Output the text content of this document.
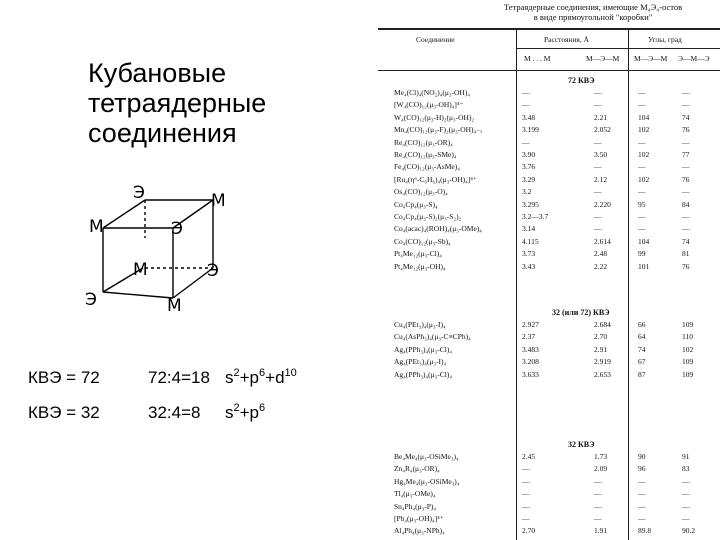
Кубановые
тетраядерные
соединения
Э	M
M	Э
M	Э
Э	M
КВЭ = 72	72:4=18 $s^2+p^6+d^{10}$
КВЭ = 32	32:4=8 $s^2+p^6$
Тетраядерные соединения, имеющие M₄Э₄-остов
в виде прямоугольной "коробки"
Соединение	Расстояния, Å	Углы, град
M . . . M	M—Э—M M—Э—M Э—M—Э
72 КВЭ
Me₄(Cl)₄(NO₂)₄(μ₃-OH)₄	—	—	—	—
[W₄(CO)₁₂(μ₃-OH)₄]⁴⁻	—	—	—	—
W₄(CO)₁₂(μ₃-H)₂(μ₃-OH)₂	3.48	2.21	104	74
Mn₄(CO)₁₂(μ₃-F)₂(μ₃-OH)₄₋ₓ	3.199	2.052	102	76
Re₄(CO)₁₂(μ₃-OR)₄	—	—	—	—
Re₄(CO)₁₂(μ₃-SMe)₄	3.90	3.50	102	77
Fe₄(CO)₁₂(μ₃-AsMe)₄	3.76	—	—	—
[Ru₄(η⁶-C₆H₆)₄(μ₃-OH)₄]⁴⁺	3.29	2.12	102	76
Os₄(CO)₁₂(μ₃-O)₄	3.2	—	—	—
Co₄Cp₄(μ₃-S)₄	3.295	2.220	95	84
Co₄Cp₄(μ₃-S)₂(μ₃-S₂)₂	3.2—3.7	—	—	—
Co₄(acac)₄(ROH)₄(μ₃-OMe)₄	3.14	—	—	—
Co₄(CO)₁₂(μ₃-Sb)₄	4.115	2.614	104	74
Pt₄Me₁₂(μ₃-Cl)₄	3.73	2.48	99	81
Pt₄Me₁₂(μ₃-OH)₄	3.43	2.22	101	76
32 (или 72) КВЭ
Cu₄(PEt₃)₄(μ₃-I)₄	2.927	2.684	66	109
Cu₄(AsPh₃)₄(μ₃-C≡CPh)₄	2.37	2.70	64	110
Ag₄(PPh₃)₄(μ₃-Cl)₄	3.483	2.91	74	102
Ag₄(PEt₃)₄(μ₃-I)₄	3.208	2.919	67	109
Ag₄(PPh₃)₄(μ₃-Cl)₄	3.633	2.653	87	109
32 КВЭ
Be₄Me₄(μ₃-OSiMe₃)₄	2.45	1.73	90	91
Zn₄R₄(μ₃-OR)₄	—	2.09	96	83
Hg₄Me₄(μ₃-OSiMe₃)₄	—	—	—	—
Tl₄(μ₃-OMe)₄	—	—	—	—
Sn₄Ph₄(μ₃-P)₄	—	—	—	—
[Pb₄(μ₃-OH)₄]⁴⁺	—	—	—	—
Al₄Ph₄(μ₃-NPh)₄	2.70	1.91	89.8	90.2
